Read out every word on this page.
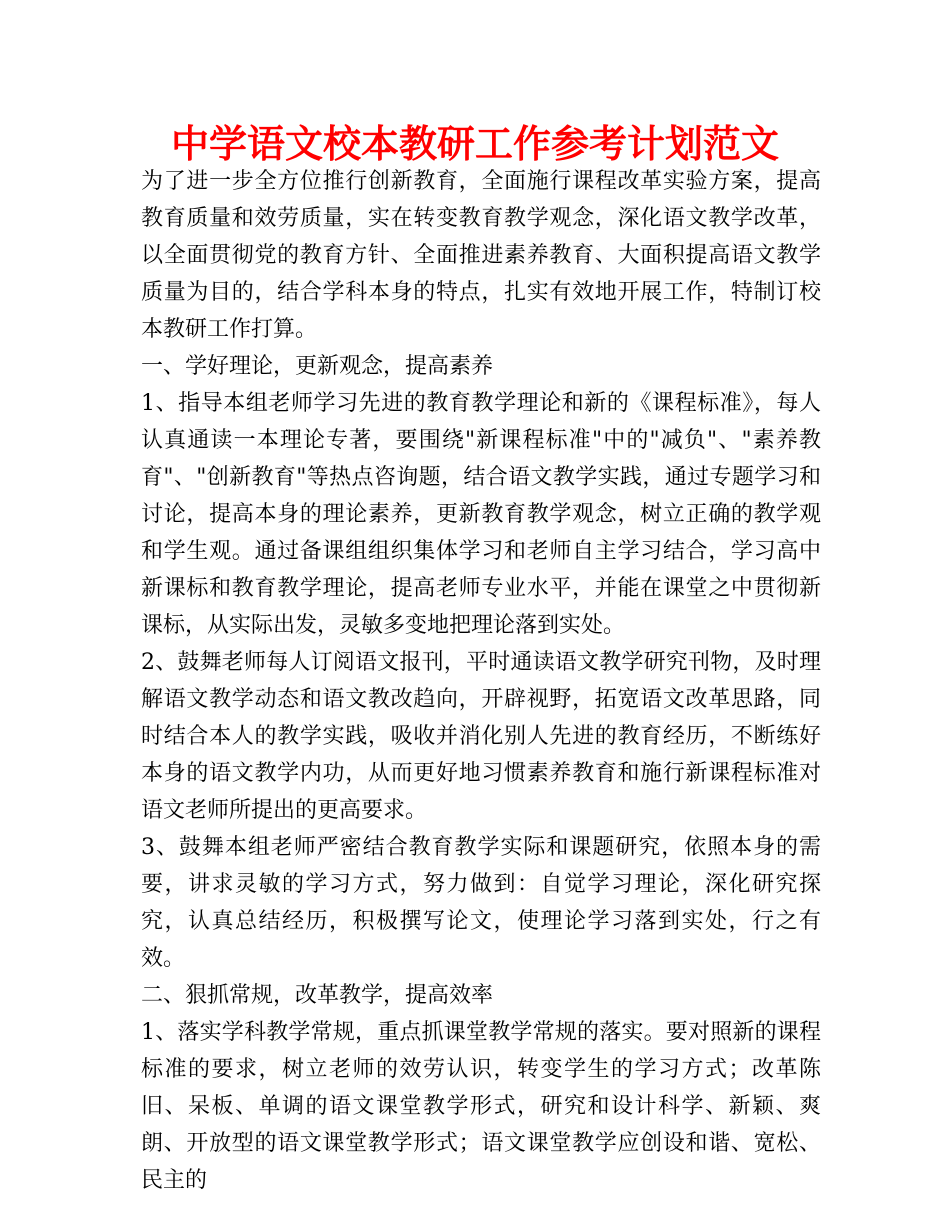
中学语文校本教研工作参考计划范文

为了进一步全方位推行创新教育，全面施行课程改革实验方案，提高教育质量和效劳质量，实在转变教育教学观念，深化语文教学改革，以全面贯彻党的教育方针、全面推进素养教育、大面积提高语文教学质量为目的，结合学科本身的特点，扎实有效地开展工作，特制订校本教研工作打算。

一、学好理论，更新观念，提高素养

1、指导本组老师学习先进的教育教学理论和新的《课程标准》，每人认真通读一本理论专著，要围绕"新课程标准"中的"减负"、"素养教育"、"创新教育"等热点咨询题，结合语文教学实践，通过专题学习和讨论，提高本身的理论素养，更新教育教学观念，树立正确的教学观和学生观。通过备课组组织集体学习和老师自主学习结合，学习高中新课标和教育教学理论，提高老师专业水平，并能在课堂之中贯彻新课标，从实际出发，灵敏多变地把理论落到实处。

2、鼓舞老师每人订阅语文报刊，平时通读语文教学研究刊物，及时理解语文教学动态和语文教改趋向，开辟视野，拓宽语文改革思路，同时结合本人的教学实践，吸收并消化别人先进的教育经历，不断练好本身的语文教学内功，从而更好地习惯素养教育和施行新课程标准对语文老师所提出的更高要求。

3、鼓舞本组老师严密结合教育教学实际和课题研究，依照本身的需要，讲求灵敏的学习方式，努力做到：自觉学习理论，深化研究探究，认真总结经历，积极撰写论文，使理论学习落到实处，行之有效。

二、狠抓常规，改革教学，提高效率

1、落实学科教学常规，重点抓课堂教学常规的落实。要对照新的课程标准的要求，树立老师的效劳认识，转变学生的学习方式；改革陈旧、呆板、单调的语文课堂教学形式，研究和设计科学、新颖、爽朗、开放型的语文课堂教学形式；语文课堂教学应创设和谐、宽松、民主的
